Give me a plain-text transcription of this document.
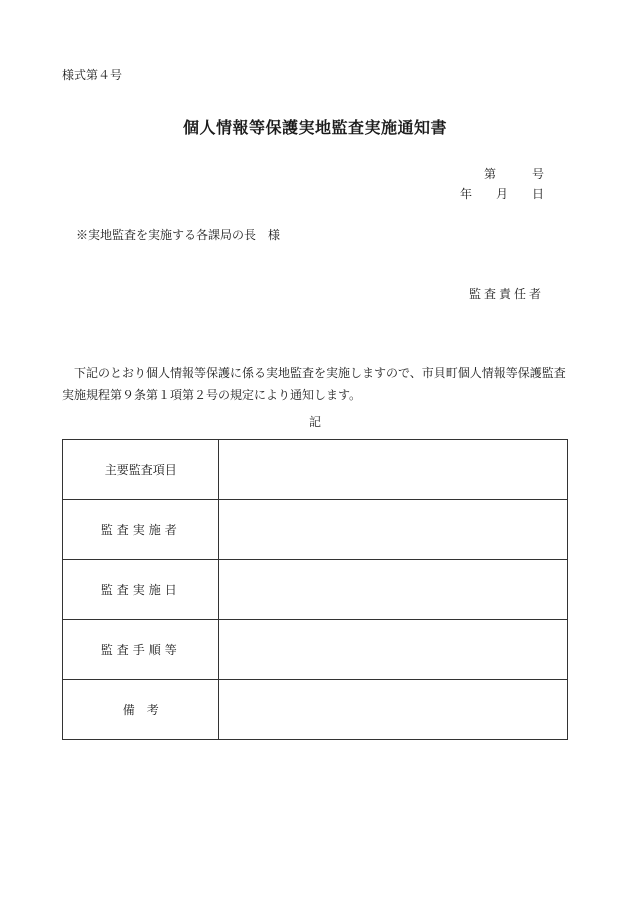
様式第４号
個人情報等保護実地監査実施通知書
第	号
年 月 日
※実地監査を実施する各課局の長　様
監査責任者
下記のとおり個人情報等保護に係る実地監査を実施しますので、市貝町個人情報等保護監査実施規程第９条第１項第２号の規定により通知します。
記
主要監査項目	
監査実施者	
監査実施日	
監査手順等	
備　考	
